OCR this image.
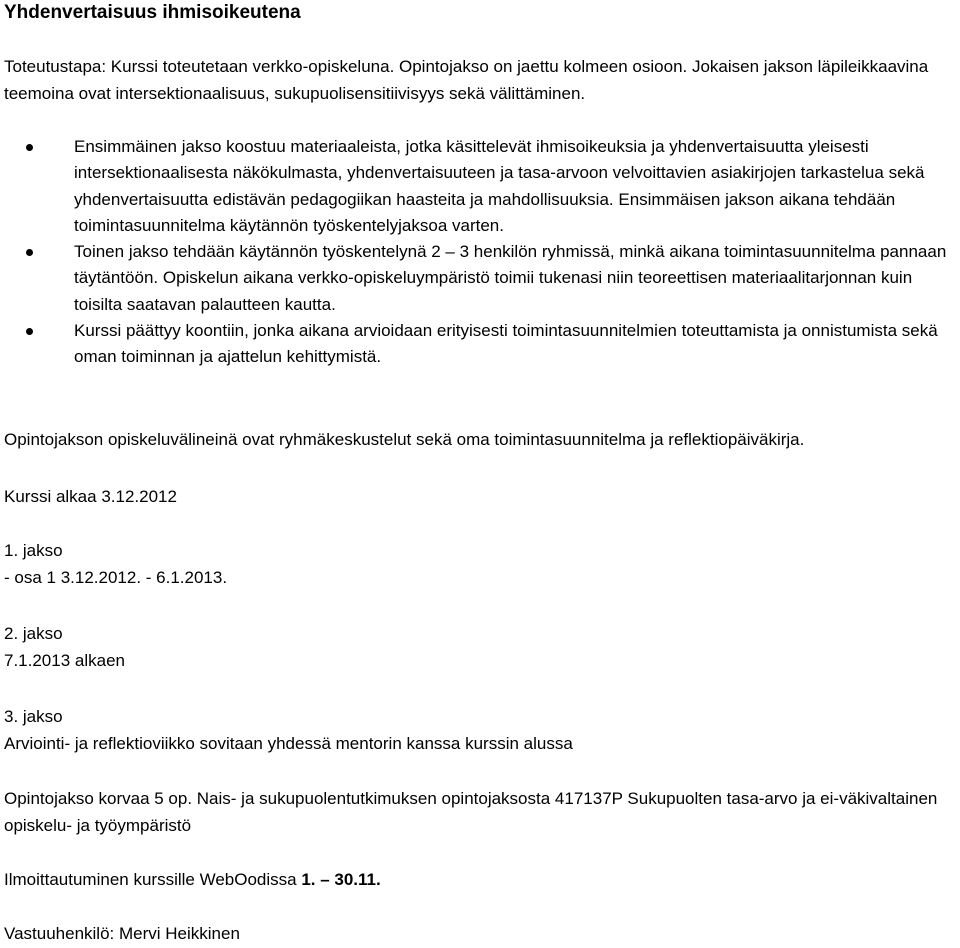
Yhdenvertaisuus ihmisoikeutena
Toteutustapa: Kurssi toteutetaan verkko-opiskeluna. Opintojakso on jaettu kolmeen osioon. Jokaisen jakson läpileikkaavina teemoina ovat intersektionaalisuus, sukupuolisensitiivisyys sekä välittäminen.
Ensimmäinen jakso koostuu materiaaleista, jotka käsittelevät ihmisoikeuksia ja yhdenvertaisuutta yleisesti intersektionaalisesta näkökulmasta, yhdenvertaisuuteen ja tasa-arvoon velvoittavien asiakirjojen tarkastelua sekä yhdenvertaisuutta edistävän pedagogiikan haasteita ja mahdollisuuksia. Ensimmäisen jakson aikana tehdään toimintasuunnitelma käytännön työskentelyjaksoa varten.
Toinen jakso tehdään käytännön työskentelynä 2 – 3 henkilön ryhmissä, minkä aikana toimintasuunnitelma pannaan täytäntöön. Opiskelun aikana verkko-opiskeluympäristö toimii tukenasi niin teoreettisen materiaalitarjonnan kuin toisilta saatavan palautteen kautta.
Kurssi päättyy koontiin, jonka aikana arvioidaan erityisesti toimintasuunnitelmien toteuttamista ja onnistumista sekä oman toiminnan ja ajattelun kehittymistä.
Opintojakson opiskeluvälineinä ovat ryhmäkeskustelut sekä oma toimintasuunnitelma ja reflektiopäiväkirja.
Kurssi alkaa 3.12.2012
1. jakso
- osa 1 3.12.2012. - 6.1.2013.
2. jakso
7.1.2013 alkaen
3. jakso
Arviointi- ja reflektioviikko sovitaan yhdessä mentorin kanssa kurssin alussa
Opintojakso korvaa 5 op. Nais- ja sukupuolentutkimuksen opintojaksosta 417137P Sukupuolten tasa-arvo ja ei-väkivaltainen opiskelu- ja työympäristö
Ilmoittautuminen kurssille WebOodissa 1. – 30.11.
Vastuuhenkilö: Mervi Heikkinen
